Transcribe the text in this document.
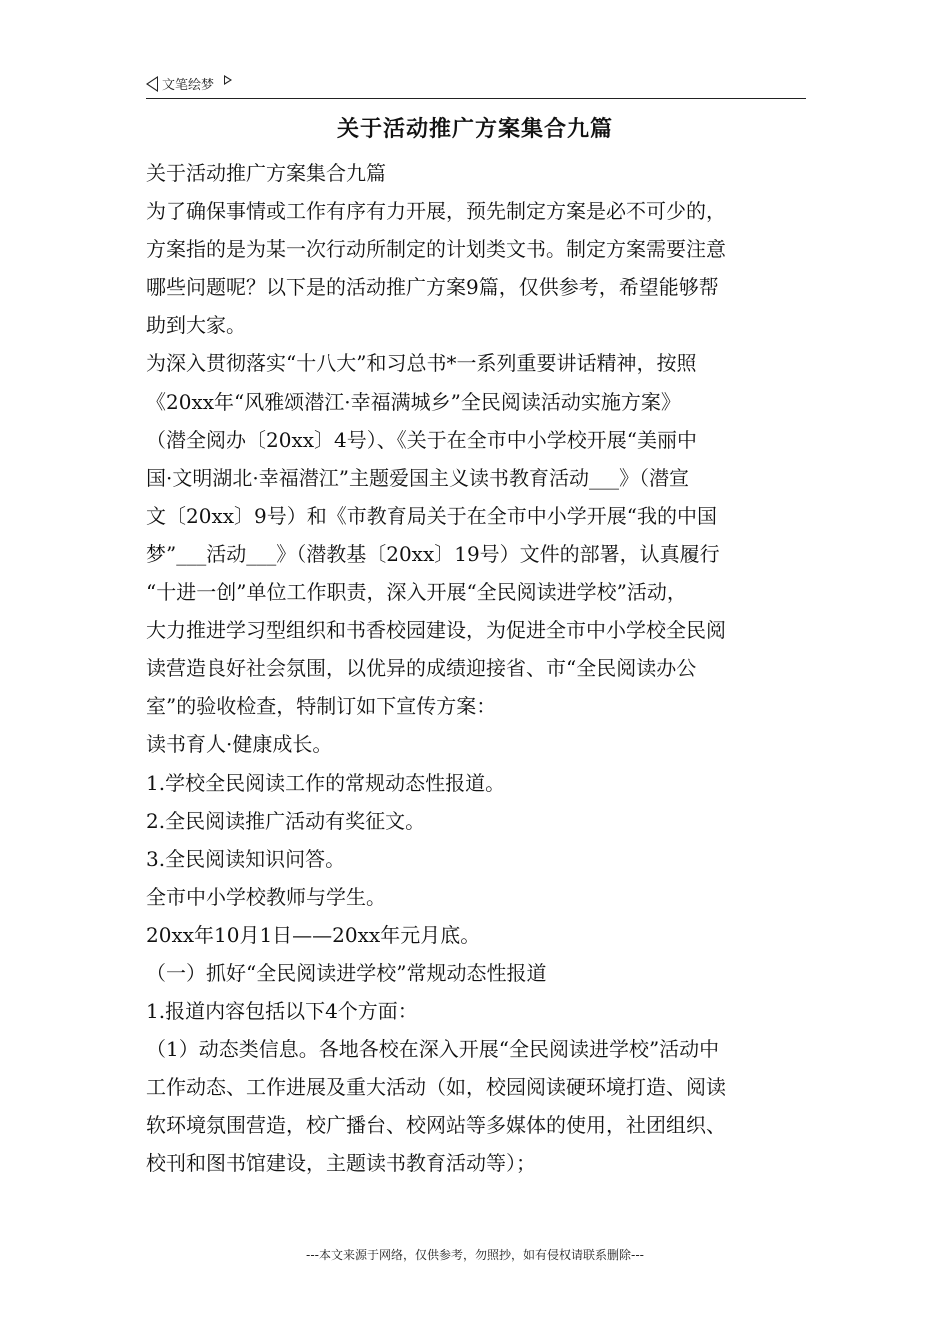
文笔绘梦
关于活动推广方案集合九篇
关于活动推广方案集合九篇
为了确保事情或工作有序有力开展，预先制定方案是必不可少的，
方案指的是为某一次行动所制定的计划类文书。制定方案需要注意
哪些问题呢？以下是的活动推广方案9篇，仅供参考，希望能够帮
助到大家。
为深入贯彻落实“十八大”和习总书*一系列重要讲话精神，按照
《20xx年“风雅颂潜江·幸福满城乡”全民阅读活动实施方案》
（潜全阅办〔20xx〕4号）、《关于在全市中小学校开展“美丽中
国·文明湖北·幸福潜江”主题爱国主义读书教育活动___》（潜宣
文〔20xx〕9号）和《市教育局关于在全市中小学开展“我的中国
梦”___活动___》（潜教基〔20xx〕19号）文件的部署，认真履行
“十进一创”单位工作职责，深入开展“全民阅读进学校”活动，
大力推进学习型组织和书香校园建设，为促进全市中小学校全民阅
读营造良好社会氛围，以优异的成绩迎接省、市“全民阅读办公
室”的验收检查，特制订如下宣传方案：
读书育人·健康成长。
1.学校全民阅读工作的常规动态性报道。
2.全民阅读推广活动有奖征文。
3.全民阅读知识问答。
全市中小学校教师与学生。
20xx年10月1日——20xx年元月底。
（一）抓好“全民阅读进学校”常规动态性报道
1.报道内容包括以下4个方面：
（1）动态类信息。各地各校在深入开展“全民阅读进学校”活动中
工作动态、工作进展及重大活动（如，校园阅读硬环境打造、阅读
软环境氛围营造，校广播台、校网站等多媒体的使用，社团组织、
校刊和图书馆建设，主题读书教育活动等）；
---本文来源于网络，仅供参考，勿照抄，如有侵权请联系删除---
